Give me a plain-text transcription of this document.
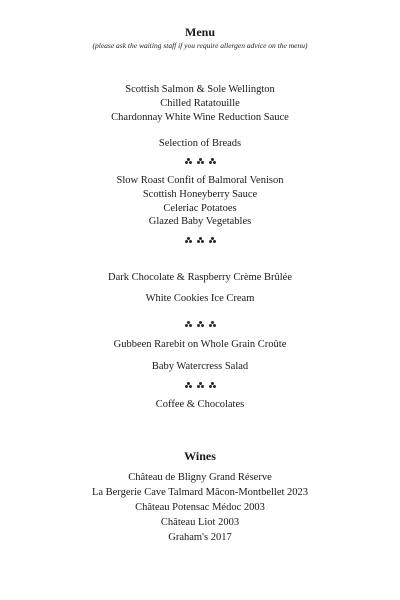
Menu
(please ask the waiting staff if you require allergen advice on the menu)
Scottish Salmon & Sole Wellington
Chilled Ratatouille
Chardonnay White Wine Reduction Sauce
Selection of Breads
Slow Roast Confit of Balmoral Venison
Scottish Honeyberry Sauce
Celeriac Potatoes
Glazed Baby Vegetables
Dark Chocolate & Raspberry Crème Brûlée
White Cookies Ice Cream
Gubbeen Rarebit on Whole Grain Croûte
Baby Watercress Salad
Coffee & Chocolates
Wines
Château de Bligny Grand Réserve
La Bergerie Cave Talmard Mâcon-Montbellet 2023
Château Potensac Médoc 2003
Château Liot 2003
Graham's 2017
